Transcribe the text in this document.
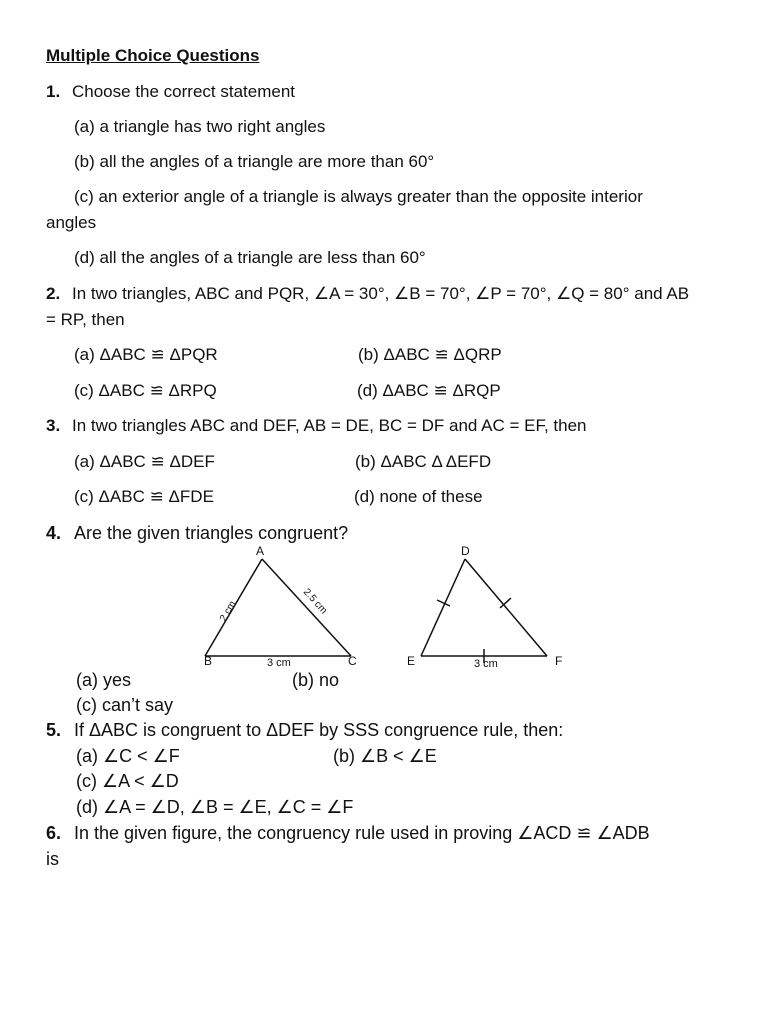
Multiple Choice Questions
1. Choose the correct statement
(a) a triangle has two right angles
(b) all the angles of a triangle are more than 60°
(c) an exterior angle of a triangle is always greater than the opposite interior
angles
(d) all the angles of a triangle are less than 60°
2. In two triangles, ABC and PQR, ∠A = 30°, ∠B = 70°, ∠P = 70°, ∠Q = 80° and AB
= RP, then
(a) ΔABC ≌ ΔPQR	(b) ΔABC ≌ ΔQRP
(c) ΔABC ≌ ΔRPQ	(d) ΔABC ≌ ΔRQP
3. In two triangles ABC and DEF, AB = DE, BC = DF and AC = EF, then
(a) ΔABC ≌ ΔDEF	(b) ΔABC Δ ΔEFD
(c) ΔABC ≌ ΔFDE	(d) none of these
4. Are the given triangles congruent?
A
B	C
2 cm	2.5 cm
3 cm
D
E	F
3 cm
(a) yes	(b) no
(c) can’t say
5. If ΔABC is congruent to ΔDEF by SSS congruence rule, then:
(a) ∠C < ∠F	(b) ∠B < ∠E
(c) ∠A < ∠D
(d) ∠A = ∠D, ∠B = ∠E, ∠C = ∠F
6. In the given figure, the congruency rule used in proving ∠ACD ≌ ∠ADB
is
